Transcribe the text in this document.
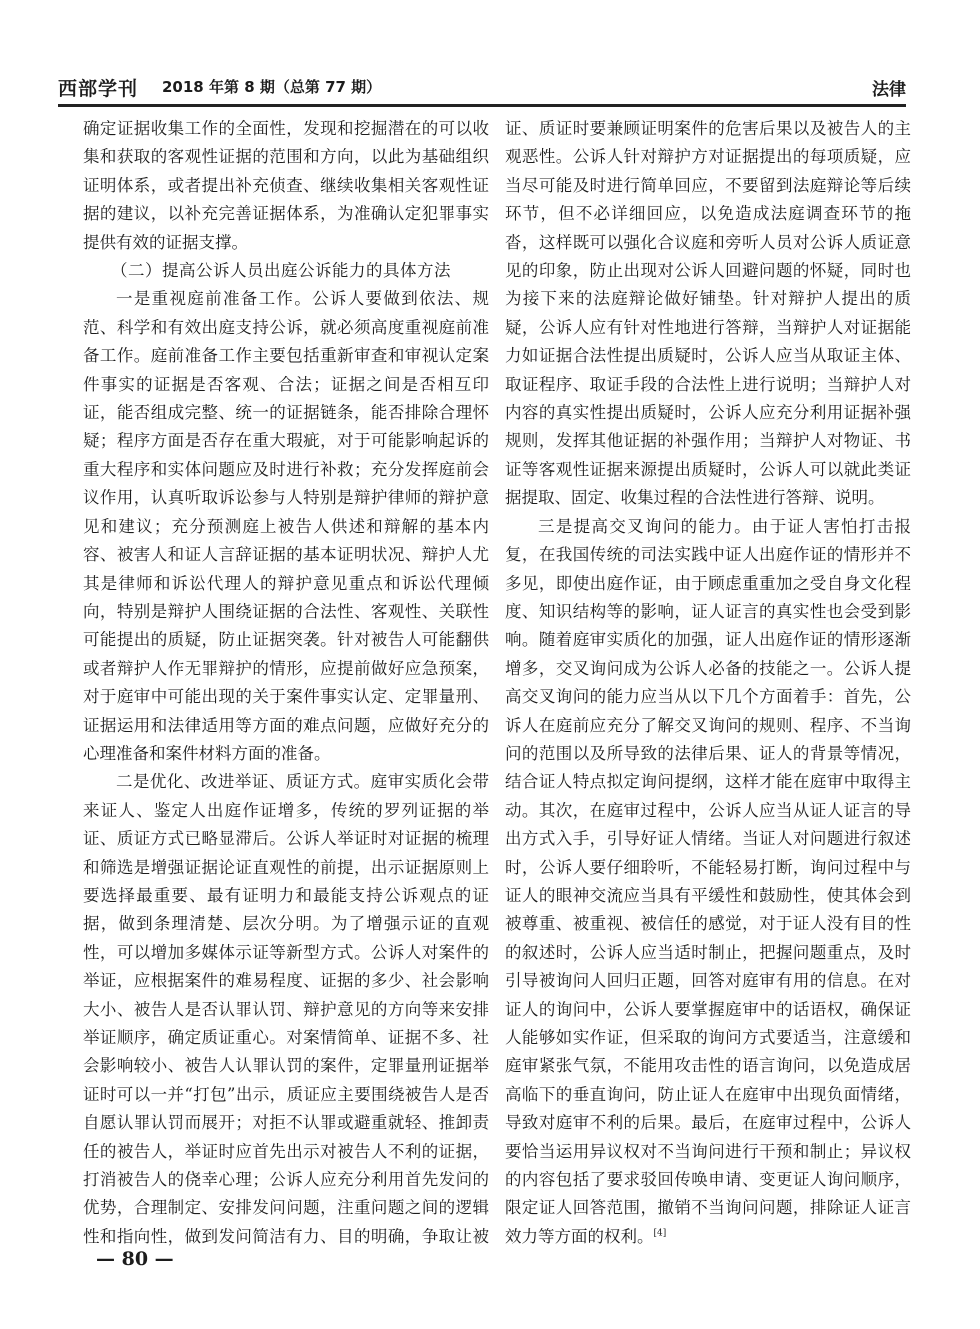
西部学刊 2018 年第 8 期（总第 77 期）	法律

确定证据收集工作的全面性，发现和挖掘潜在的可以收集和获取的客观性证据的范围和方向，以此为基础组织证明体系，或者提出补充侦查、继续收集相关客观性证据的建议，以补充完善证据体系，为准确认定犯罪事实提供有效的证据支撑。

（二）提高公诉人员出庭公诉能力的具体方法

一是重视庭前准备工作。公诉人要做到依法、规范、科学和有效出庭支持公诉，就必须高度重视庭前准备工作。庭前准备工作主要包括重新审查和审视认定案件事实的证据是否客观、合法；证据之间是否相互印证，能否组成完整、统一的证据链条，能否排除合理怀疑；程序方面是否存在重大瑕疵，对于可能影响起诉的重大程序和实体问题应及时进行补救；充分发挥庭前会议作用，认真听取诉讼参与人特别是辩护律师的辩护意见和建议；充分预测庭上被告人供述和辩解的基本内容、被害人和证人言辞证据的基本证明状况、辩护人尤其是律师和诉讼代理人的辩护意见重点和诉讼代理倾向，特别是辩护人围绕证据的合法性、客观性、关联性可能提出的质疑，防止证据突袭。针对被告人可能翻供或者辩护人作无罪辩护的情形，应提前做好应急预案，对于庭审中可能出现的关于案件事实认定、定罪量刑、证据运用和法律适用等方面的难点问题，应做好充分的心理准备和案件材料方面的准备。

二是优化、改进举证、质证方式。庭审实质化会带来证人、鉴定人出庭作证增多，传统的罗列证据的举证、质证方式已略显滞后。公诉人举证时对证据的梳理和筛选是增强证据论证直观性的前提，出示证据原则上要选择最重要、最有证明力和最能支持公诉观点的证据，做到条理清楚、层次分明。为了增强示证的直观性，可以增加多媒体示证等新型方式。公诉人对案件的举证，应根据案件的难易程度、证据的多少、社会影响大小、被告人是否认罪认罚、辩护意见的方向等来安排举证顺序，确定质证重心。对案情简单、证据不多、社会影响较小、被告人认罪认罚的案件，定罪量刑证据举证时可以一并“打包”出示，质证应主要围绕被告人是否自愿认罪认罚而展开；对拒不认罪或避重就轻、推卸责任的被告人，举证时应首先出示对被告人不利的证据，打消被告人的侥幸心理；公诉人应充分利用首先发问的优势，合理制定、安排发问问题，注重问题之间的逻辑性和指向性，做到发问简洁有力、目的明确，争取让被

证、质证时要兼顾证明案件的危害后果以及被告人的主观恶性。公诉人针对辩护方对证据提出的每项质疑，应当尽可能及时进行简单回应，不要留到法庭辩论等后续环节，但不必详细回应，以免造成法庭调查环节的拖沓，这样既可以强化合议庭和旁听人员对公诉人质证意见的印象，防止出现对公诉人回避问题的怀疑，同时也为接下来的法庭辩论做好铺垫。针对辩护人提出的质疑，公诉人应有针对性地进行答辩，当辩护人对证据能力如证据合法性提出质疑时，公诉人应当从取证主体、取证程序、取证手段的合法性上进行说明；当辩护人对内容的真实性提出质疑时，公诉人应充分利用证据补强规则，发挥其他证据的补强作用；当辩护人对物证、书证等客观性证据来源提出质疑时，公诉人可以就此类证据提取、固定、收集过程的合法性进行答辩、说明。

三是提高交叉询问的能力。由于证人害怕打击报复，在我国传统的司法实践中证人出庭作证的情形并不多见，即使出庭作证，由于顾虑重重加之受自身文化程度、知识结构等的影响，证人证言的真实性也会受到影响。随着庭审实质化的加强，证人出庭作证的情形逐渐增多，交叉询问成为公诉人必备的技能之一。公诉人提高交叉询问的能力应当从以下几个方面着手：首先，公诉人在庭前应充分了解交叉询问的规则、程序、不当询问的范围以及所导致的法律后果、证人的背景等情况，结合证人特点拟定询问提纲，这样才能在庭审中取得主动。其次，在庭审过程中，公诉人应当从证人证言的导出方式入手，引导好证人情绪。当证人对问题进行叙述时，公诉人要仔细聆听，不能轻易打断，询问过程中与证人的眼神交流应当具有平缓性和鼓励性，使其体会到被尊重、被重视、被信任的感觉，对于证人没有目的性的叙述时，公诉人应当适时制止，把握问题重点，及时引导被询问人回归正题，回答对庭审有用的信息。在对证人的询问中，公诉人要掌握庭审中的话语权，确保证人能够如实作证，但采取的询问方式要适当，注意缓和庭审紧张气氛，不能用攻击性的语言询问，以免造成居高临下的垂直询问，防止证人在庭审中出现负面情绪，导致对庭审不利的后果。最后，在庭审过程中，公诉人要恰当运用异议权对不当询问进行干预和制止；异议权的内容包括了要求驳回传唤申请、变更证人询问顺序，限定证人回答范围，撤销不当询问问题，排除证人证言效力等方面的权利。[4]

— 80 —
